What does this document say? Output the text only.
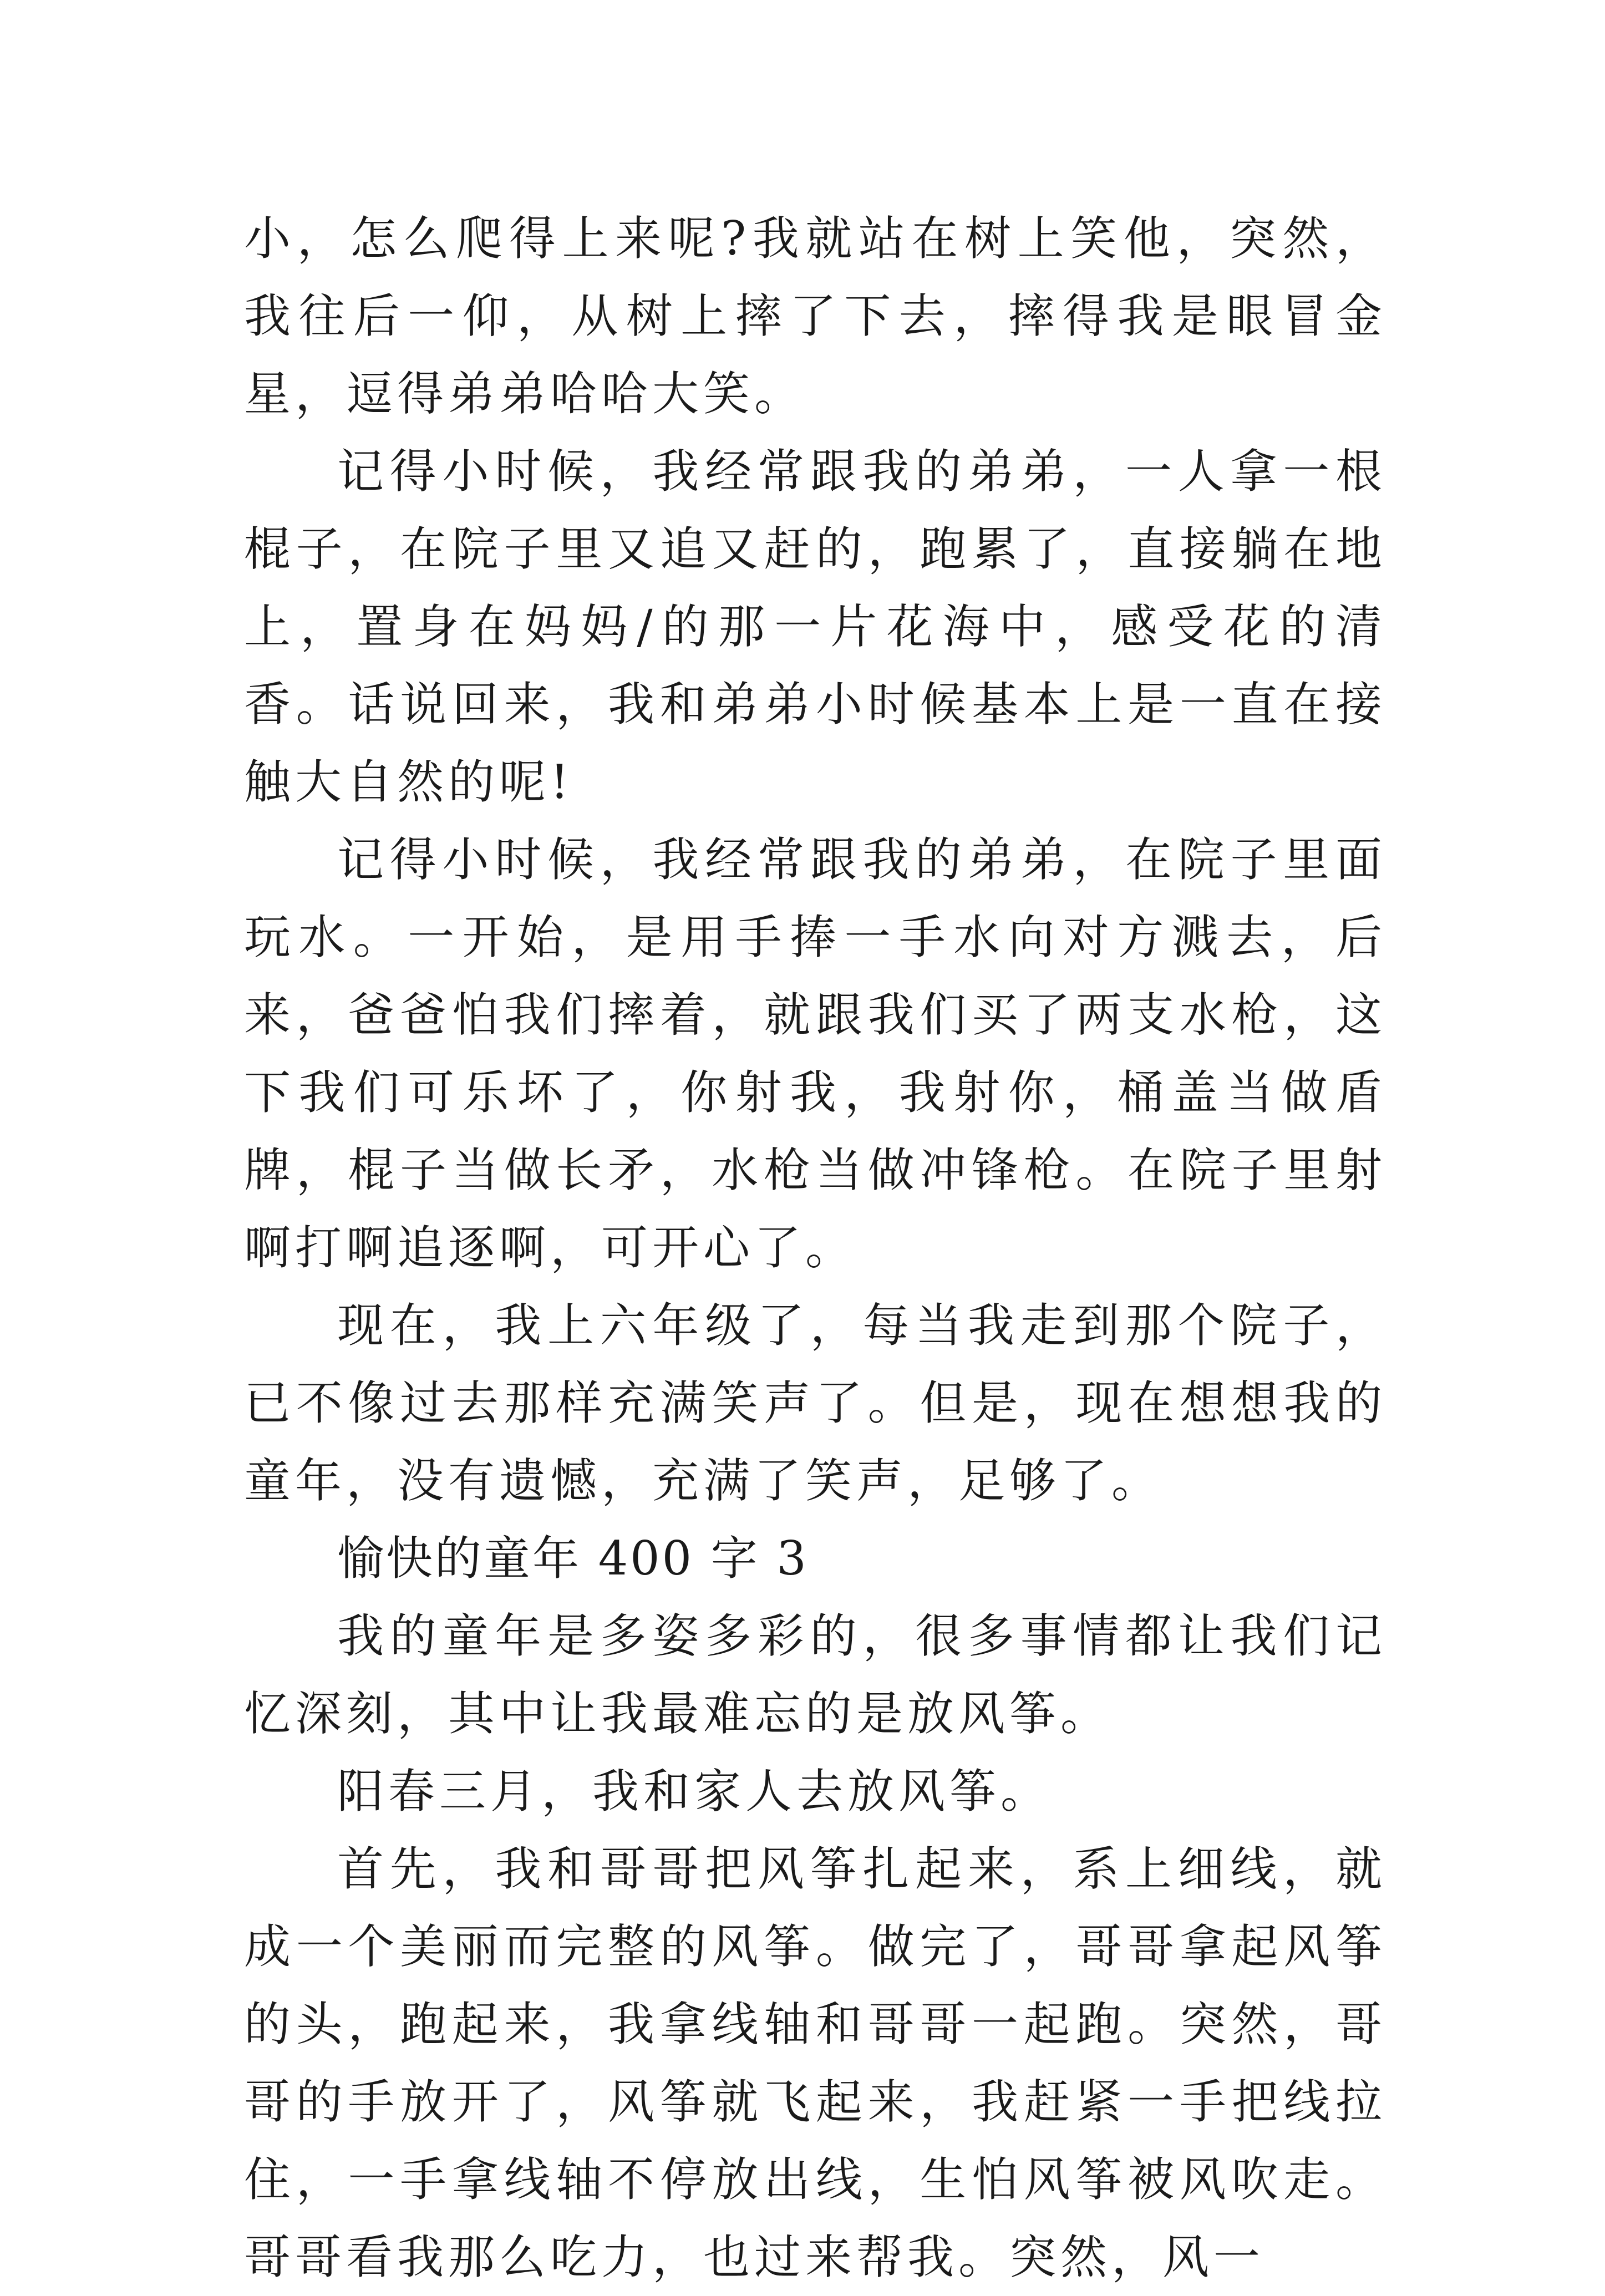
小，怎么爬得上来呢?我就站在树上笑他，突然，我往后一仰，从树上摔了下去，摔得我是眼冒金星，逗得弟弟哈哈大笑。

记得小时候，我经常跟我的弟弟，一人拿一根棍子，在院子里又追又赶的，跑累了，直接躺在地上，置身在妈妈/的那一片花海中，感受花的清香。话说回来，我和弟弟小时候基本上是一直在接触大自然的呢!

记得小时候，我经常跟我的弟弟，在院子里面玩水。一开始，是用手捧一手水向对方溅去，后来，爸爸怕我们摔着，就跟我们买了两支水枪，这下我们可乐坏了，你射我，我射你，桶盖当做盾牌，棍子当做长矛，水枪当做冲锋枪。在院子里射啊打啊追逐啊，可开心了。

现在，我上六年级了，每当我走到那个院子，已不像过去那样充满笑声了。但是，现在想想我的童年，没有遗憾，充满了笑声，足够了。

愉快的童年 400 字 3

我的童年是多姿多彩的，很多事情都让我们记忆深刻，其中让我最难忘的是放风筝。

阳春三月，我和家人去放风筝。

首先，我和哥哥把风筝扎起来，系上细线，就成一个美丽而完整的风筝。做完了，哥哥拿起风筝的头，跑起来，我拿线轴和哥哥一起跑。突然，哥哥的手放开了，风筝就飞起来，我赶紧一手把线拉住，一手拿线轴不停放出线，生怕风筝被风吹走。哥哥看我那么吃力，也过来帮我。突然，风一
